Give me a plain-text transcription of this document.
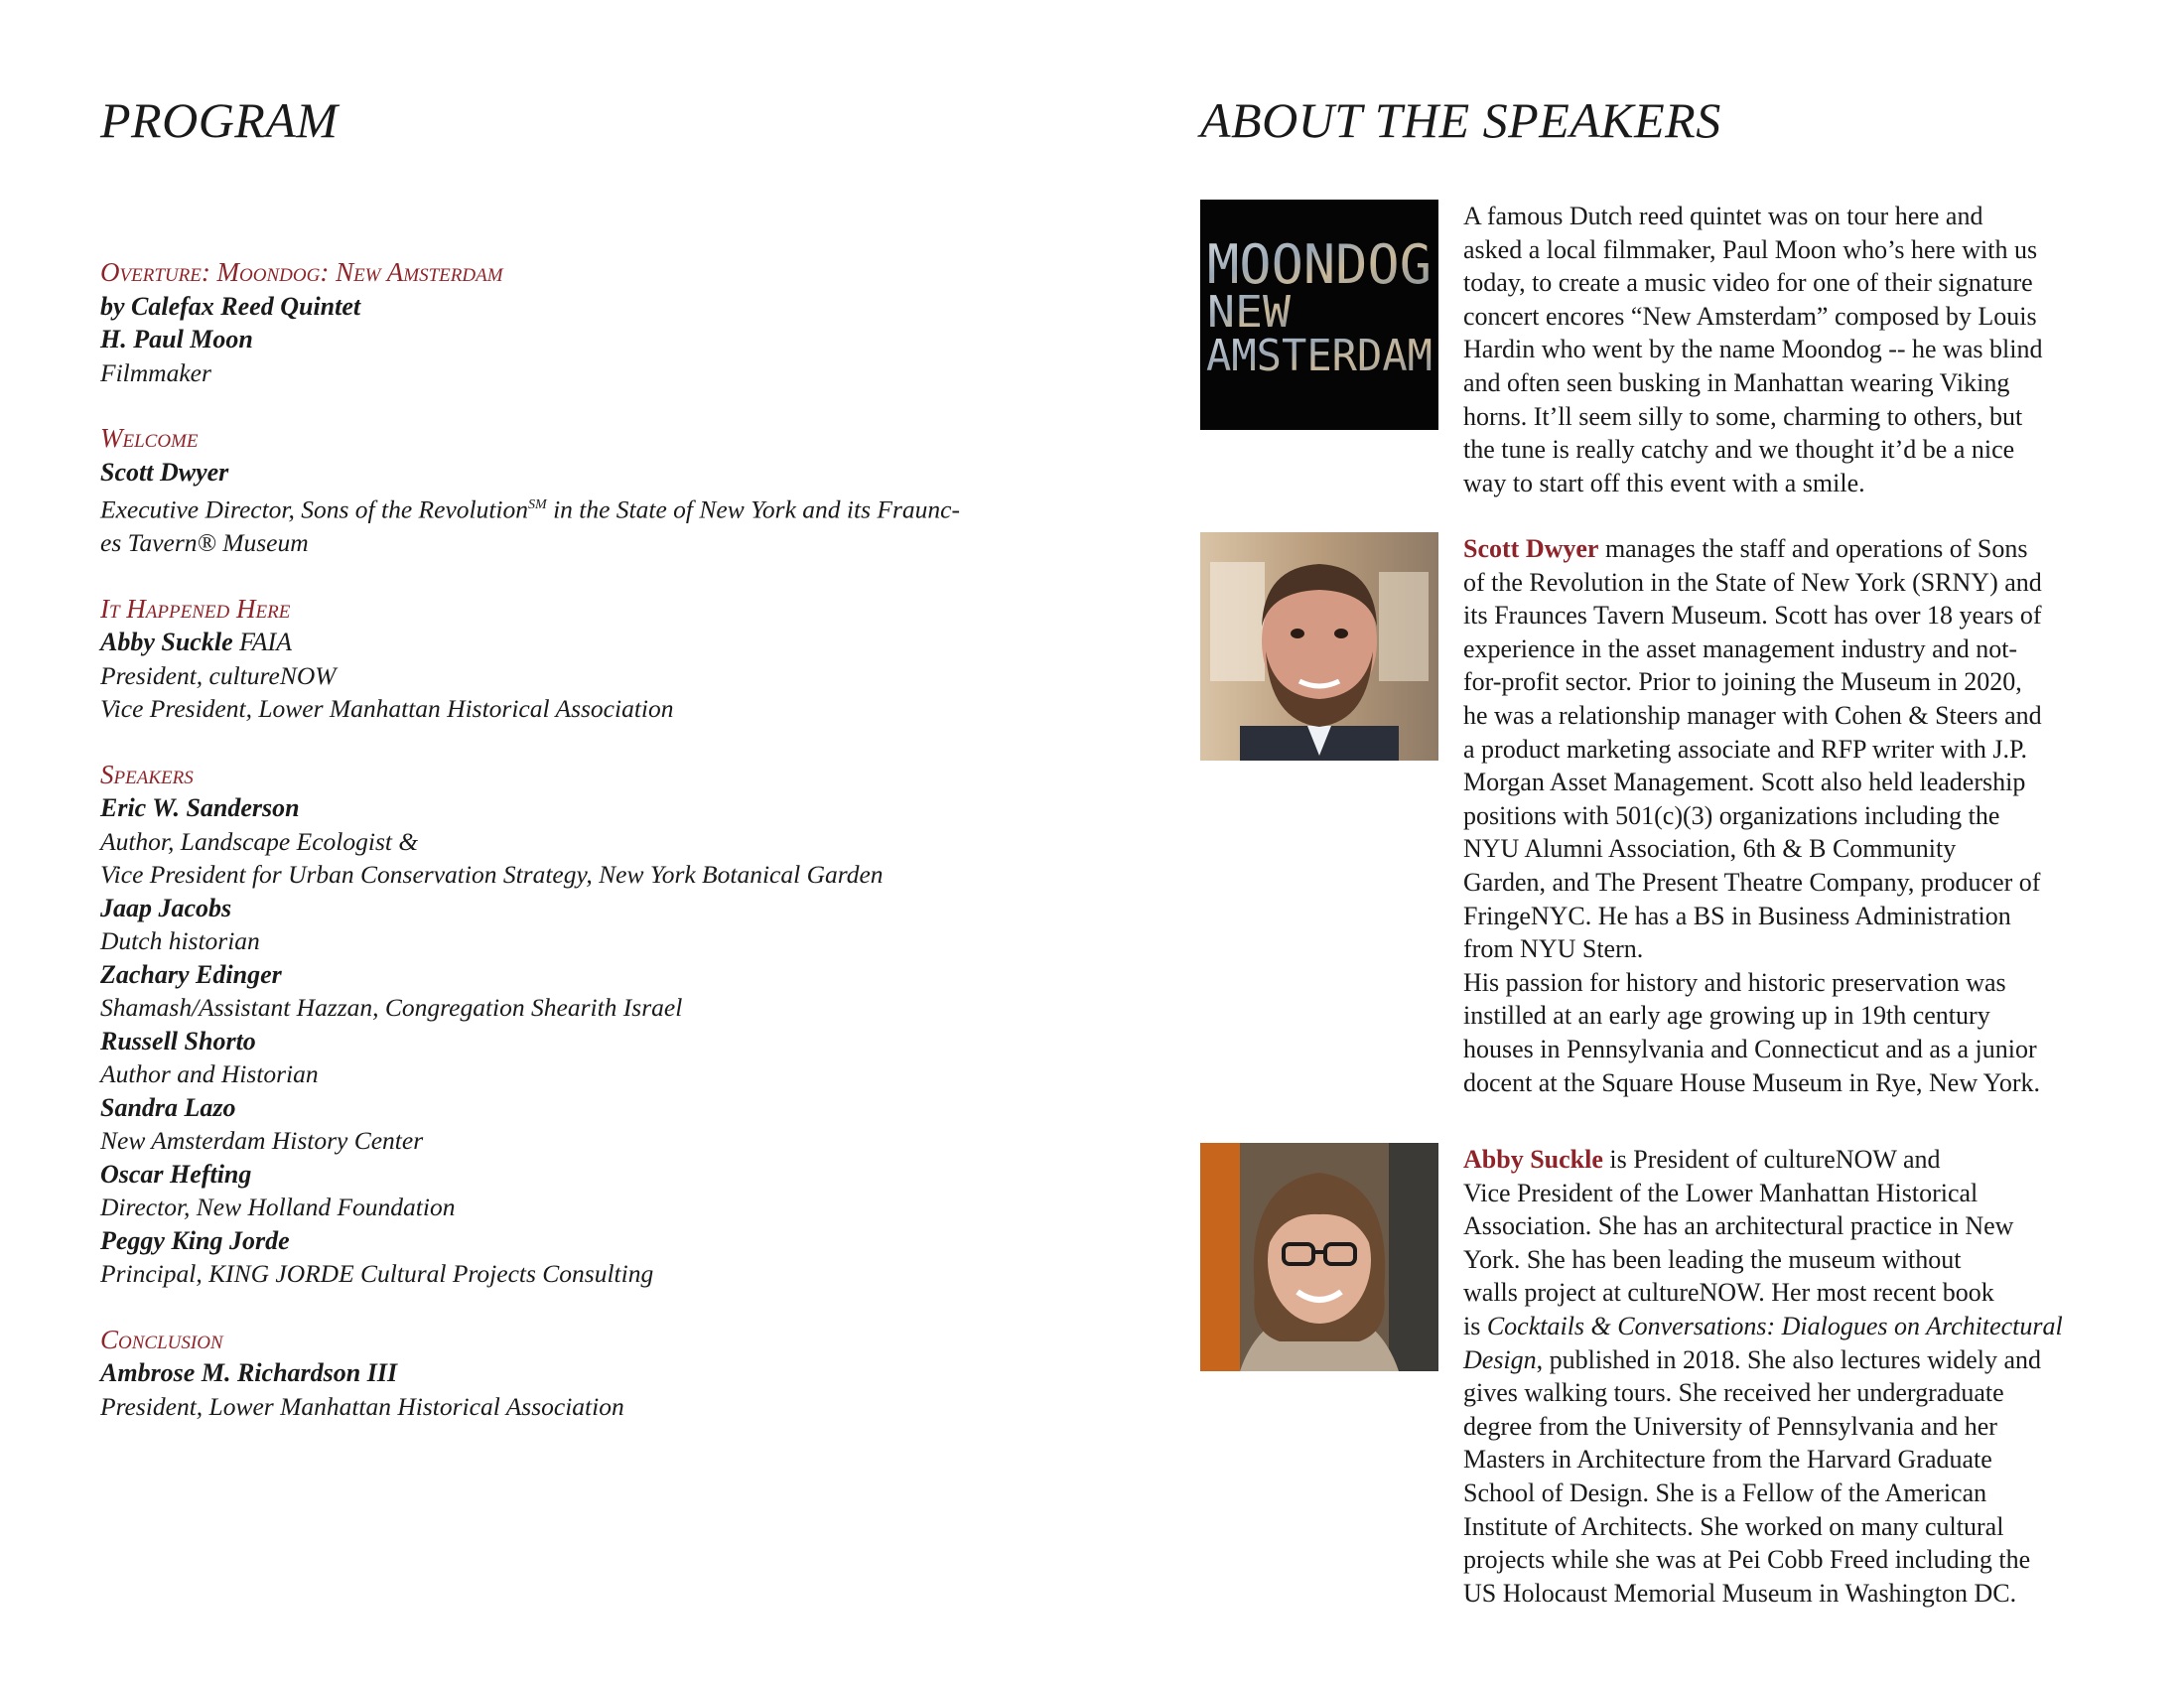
PROGRAM
Overture: Moondog: New Amsterdam
by Calefax Reed Quintet
H. Paul Moon
Filmmaker
Welcome
Scott Dwyer
Executive Director, Sons of the Revolution℠ in the State of New York and its Fraunc-
es Tavern® Museum
It Happened Here
Abby Suckle FAIA
President, cultureNOW
Vice President, Lower Manhattan Historical Association
Speakers
Eric W. Sanderson
Author, Landscape Ecologist &
Vice President for Urban Conservation Strategy, New York Botanical Garden
Jaap Jacobs
Dutch historian
Zachary Edinger
Shamash/Assistant Hazzan, Congregation Shearith Israel
Russell Shorto
Author and Historian
Sandra Lazo
New Amsterdam History Center
Oscar Hefting
Director, New Holland Foundation
Peggy King Jorde
Principal, KING JORDE Cultural Projects Consulting
Conclusion
Ambrose M. Richardson III
President, Lower Manhattan Historical Association
ABOUT THE SPEAKERS
MOONDOG
NEW
AMSTERDAM
A famous Dutch reed quintet was on tour here and
asked a local filmmaker, Paul Moon who’s here with us
today, to create a music video for one of their signature
concert encores “New Amsterdam” composed by Louis
Hardin who went by the name Moondog -- he was blind
and often seen busking in Manhattan wearing Viking
horns. It’ll seem silly to some, charming to others, but
the tune is really catchy and we thought it’d be a nice
way to start off this event with a smile.
Scott Dwyer manages the staff and operations of Sons
of the Revolution in the State of New York (SRNY) and
its Fraunces Tavern Museum. Scott has over 18 years of
experience in the asset management industry and not-
for-profit sector. Prior to joining the Museum in 2020,
he was a relationship manager with Cohen & Steers and
a product marketing associate and RFP writer with J.P.
Morgan Asset Management. Scott also held leadership
positions with 501(c)(3) organizations including the
NYU Alumni Association, 6th & B Community
Garden, and The Present Theatre Company, producer of
FringeNYC. He has a BS in Business Administration
from NYU Stern.
His passion for history and historic preservation was
instilled at an early age growing up in 19th century
houses in Pennsylvania and Connecticut and as a junior
docent at the Square House Museum in Rye, New York.
Abby Suckle is President of cultureNOW and
Vice President of the Lower Manhattan Historical
Association. She has an architectural practice in New
York. She has been leading the museum without
walls project at cultureNOW. Her most recent book
is Cocktails & Conversations: Dialogues on Architectural
Design, published in 2018. She also lectures widely and
gives walking tours. She received her undergraduate
degree from the University of Pennsylvania and her
Masters in Architecture from the Harvard Graduate
School of Design. She is a Fellow of the American
Institute of Architects. She worked on many cultural
projects while she was at Pei Cobb Freed including the
US Holocaust Memorial Museum in Washington DC.
